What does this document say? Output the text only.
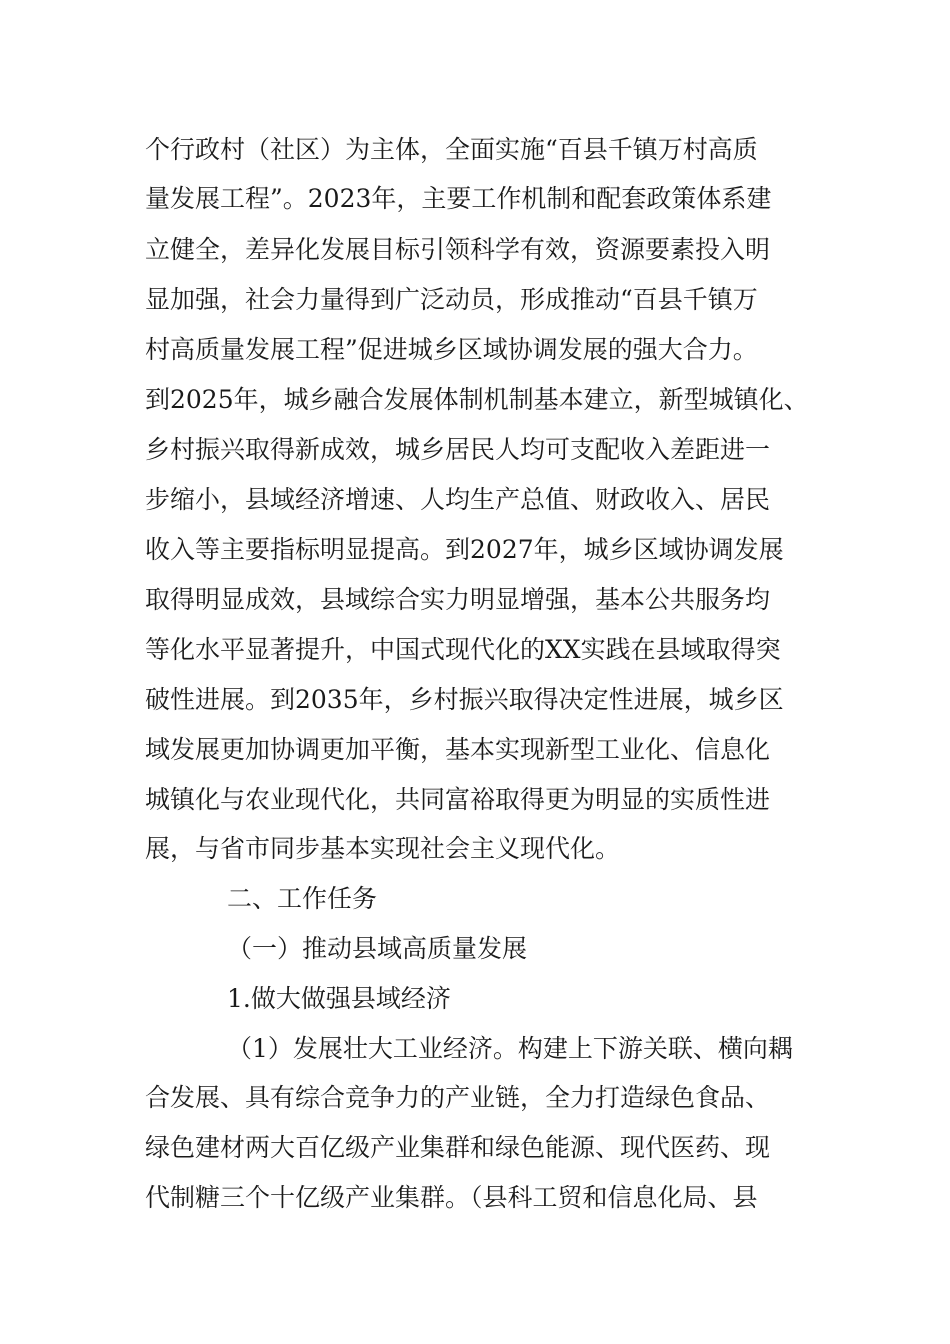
个行政村（社区）为主体，全面实施“百县千镇万村高质
量发展工程”。2023年，主要工作机制和配套政策体系建
立健全，差异化发展目标引领科学有效，资源要素投入明
显加强，社会力量得到广泛动员，形成推动“百县千镇万
村高质量发展工程”促进城乡区域协调发展的强大合力。
到2025年，城乡融合发展体制机制基本建立，新型城镇化、
乡村振兴取得新成效，城乡居民人均可支配收入差距进一
步缩小，县域经济增速、人均生产总值、财政收入、居民
收入等主要指标明显提高。到2027年，城乡区域协调发展
取得明显成效，县域综合实力明显增强，基本公共服务均
等化水平显著提升，中国式现代化的XX实践在县域取得突
破性进展。到2035年，乡村振兴取得决定性进展，城乡区
域发展更加协调更加平衡，基本实现新型工业化、信息化
城镇化与农业现代化，共同富裕取得更为明显的实质性进
展，与省市同步基本实现社会主义现代化。
二、工作任务
（一）推动县域高质量发展
1.做大做强县域经济
（1）发展壮大工业经济。构建上下游关联、横向耦
合发展、具有综合竞争力的产业链，全力打造绿色食品、
绿色建材两大百亿级产业集群和绿色能源、现代医药、现
代制糖三个十亿级产业集群。（县科工贸和信息化局、县
